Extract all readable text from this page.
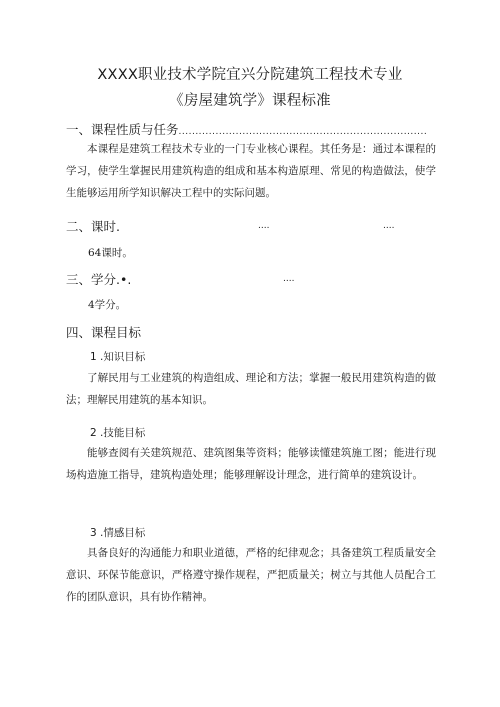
XXXX职业技术学院宜兴分院建筑工程技术专业
《房屋建筑学》课程标准
一、课程性质与任务..........................................................................
本课程是建筑工程技术专业的一门专业核心课程。其任务是：通过本课程的学习，使学生掌握民用建筑构造的组成和基本构造原理、常见的构造做法，使学生能够运用所学知识解决工程中的实际问题。
二、课时.	....	....
64课时。
三、学分.•.	....
4学分。
四、课程目标
1 .知识目标
了解民用与工业建筑的构造组成、理论和方法；掌握一般民用建筑构造的做法；理解民用建筑的基本知识。
2 .技能目标
能够查阅有关建筑规范、建筑图集等资料；能够读懂建筑施工图；能进行现场构造施工指导，建筑构造处理；能够理解设计理念，进行简单的建筑设计。
3 .情感目标
具备良好的沟通能力和职业道德，严格的纪律观念；具备建筑工程质量安全意识、环保节能意识，严格遵守操作规程，严把质量关；树立与其他人员配合工作的团队意识，具有协作精神。
